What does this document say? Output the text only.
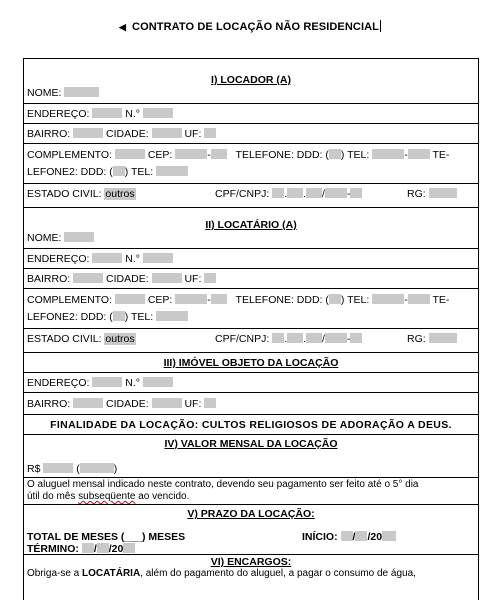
◀ CONTRATO DE LOCAÇÃO NÃO RESIDENCIAL
I) LOCADOR (A)
NOME:
ENDEREÇO:	N.°
BAIRRO:	CIDADE:	UF:
COMPLEMENTO:	CEP:	- TELEFONE: DDD: ( ) TEL:	- TE-
LEFONE2: DDD: ( ) TEL:
ESTADO CIVIL: outros	CPF/CNPJ: . . / -	RG:
II) LOCATÁRIO (A)
NOME:
ENDEREÇO:	N.°
BAIRRO:	CIDADE:	UF:
COMPLEMENTO:	CEP:	- TELEFONE: DDD: ( ) TEL:	- TE-
LEFONE2: DDD: ( ) TEL:
ESTADO CIVIL: outros	CPF/CNPJ: . . / -	RG:
III) IMÓVEL OBJETO DA LOCAÇÃO
ENDEREÇO:	N.°
BAIRRO:	CIDADE:	UF:
FINALIDADE DA LOCAÇÃO: CULTOS RELIGIOSOS DE ADORAÇÃO A DEUS.
IV) VALOR MENSAL DA LOCAÇÃO
R$	(	)
O aluguel mensal indicado neste contrato, devendo seu pagamento ser feito até o 5° dia
útil do mês subseqüente ao vencido.
V) PRAZO DA LOCAÇÃO:
TOTAL DE MESES (___) MESES	INÍCIO: / /20
TÉRMINO: / /20
VI) ENCARGOS:
Obriga-se a LOCATÁRIA, além do pagamento do aluguel, a pagar o consumo de água,
